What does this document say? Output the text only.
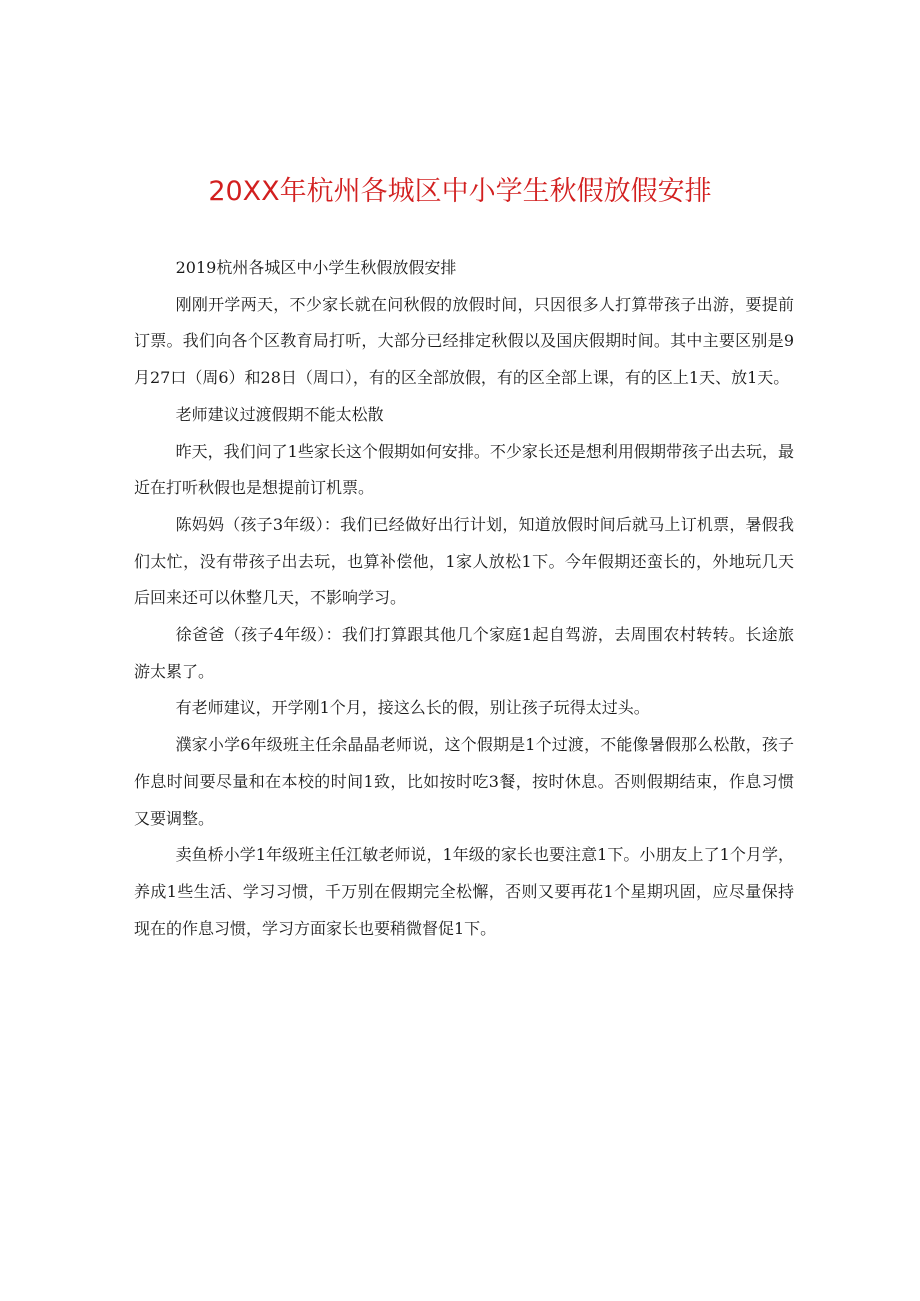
20XX年杭州各城区中小学生秋假放假安排

2019杭州各城区中小学生秋假放假安排

刚刚开学两天，不少家长就在问秋假的放假时间，只因很多人打算带孩子出游，要提前订票。我们向各个区教育局打听，大部分已经排定秋假以及国庆假期时间。其中主要区别是9月27口（周6）和28日（周口），有的区全部放假，有的区全部上课，有的区上1天、放1天。

老师建议过渡假期不能太松散

昨天，我们问了1些家长这个假期如何安排。不少家长还是想利用假期带孩子出去玩，最近在打听秋假也是想提前订机票。

陈妈妈（孩子3年级）：我们已经做好出行计划，知道放假时间后就马上订机票，暑假我们太忙，没有带孩子出去玩，也算补偿他，1家人放松1下。今年假期还蛮长的，外地玩几天后回来还可以休整几天，不影响学习。

徐爸爸（孩子4年级）：我们打算跟其他几个家庭1起自驾游，去周围农村转转。长途旅游太累了。

有老师建议，开学刚1个月，接这么长的假，别让孩子玩得太过头。

濮家小学6年级班主任余晶晶老师说，这个假期是1个过渡，不能像暑假那么松散，孩子作息时间要尽量和在本校的时间1致，比如按时吃3餐，按时休息。否则假期结束，作息习惯又要调整。

卖鱼桥小学1年级班主任江敏老师说，1年级的家长也要注意1下。小朋友上了1个月学，养成1些生活、学习习惯，千万别在假期完全松懈，否则又要再花1个星期巩固，应尽量保持现在的作息习惯，学习方面家长也要稍微督促1下。
